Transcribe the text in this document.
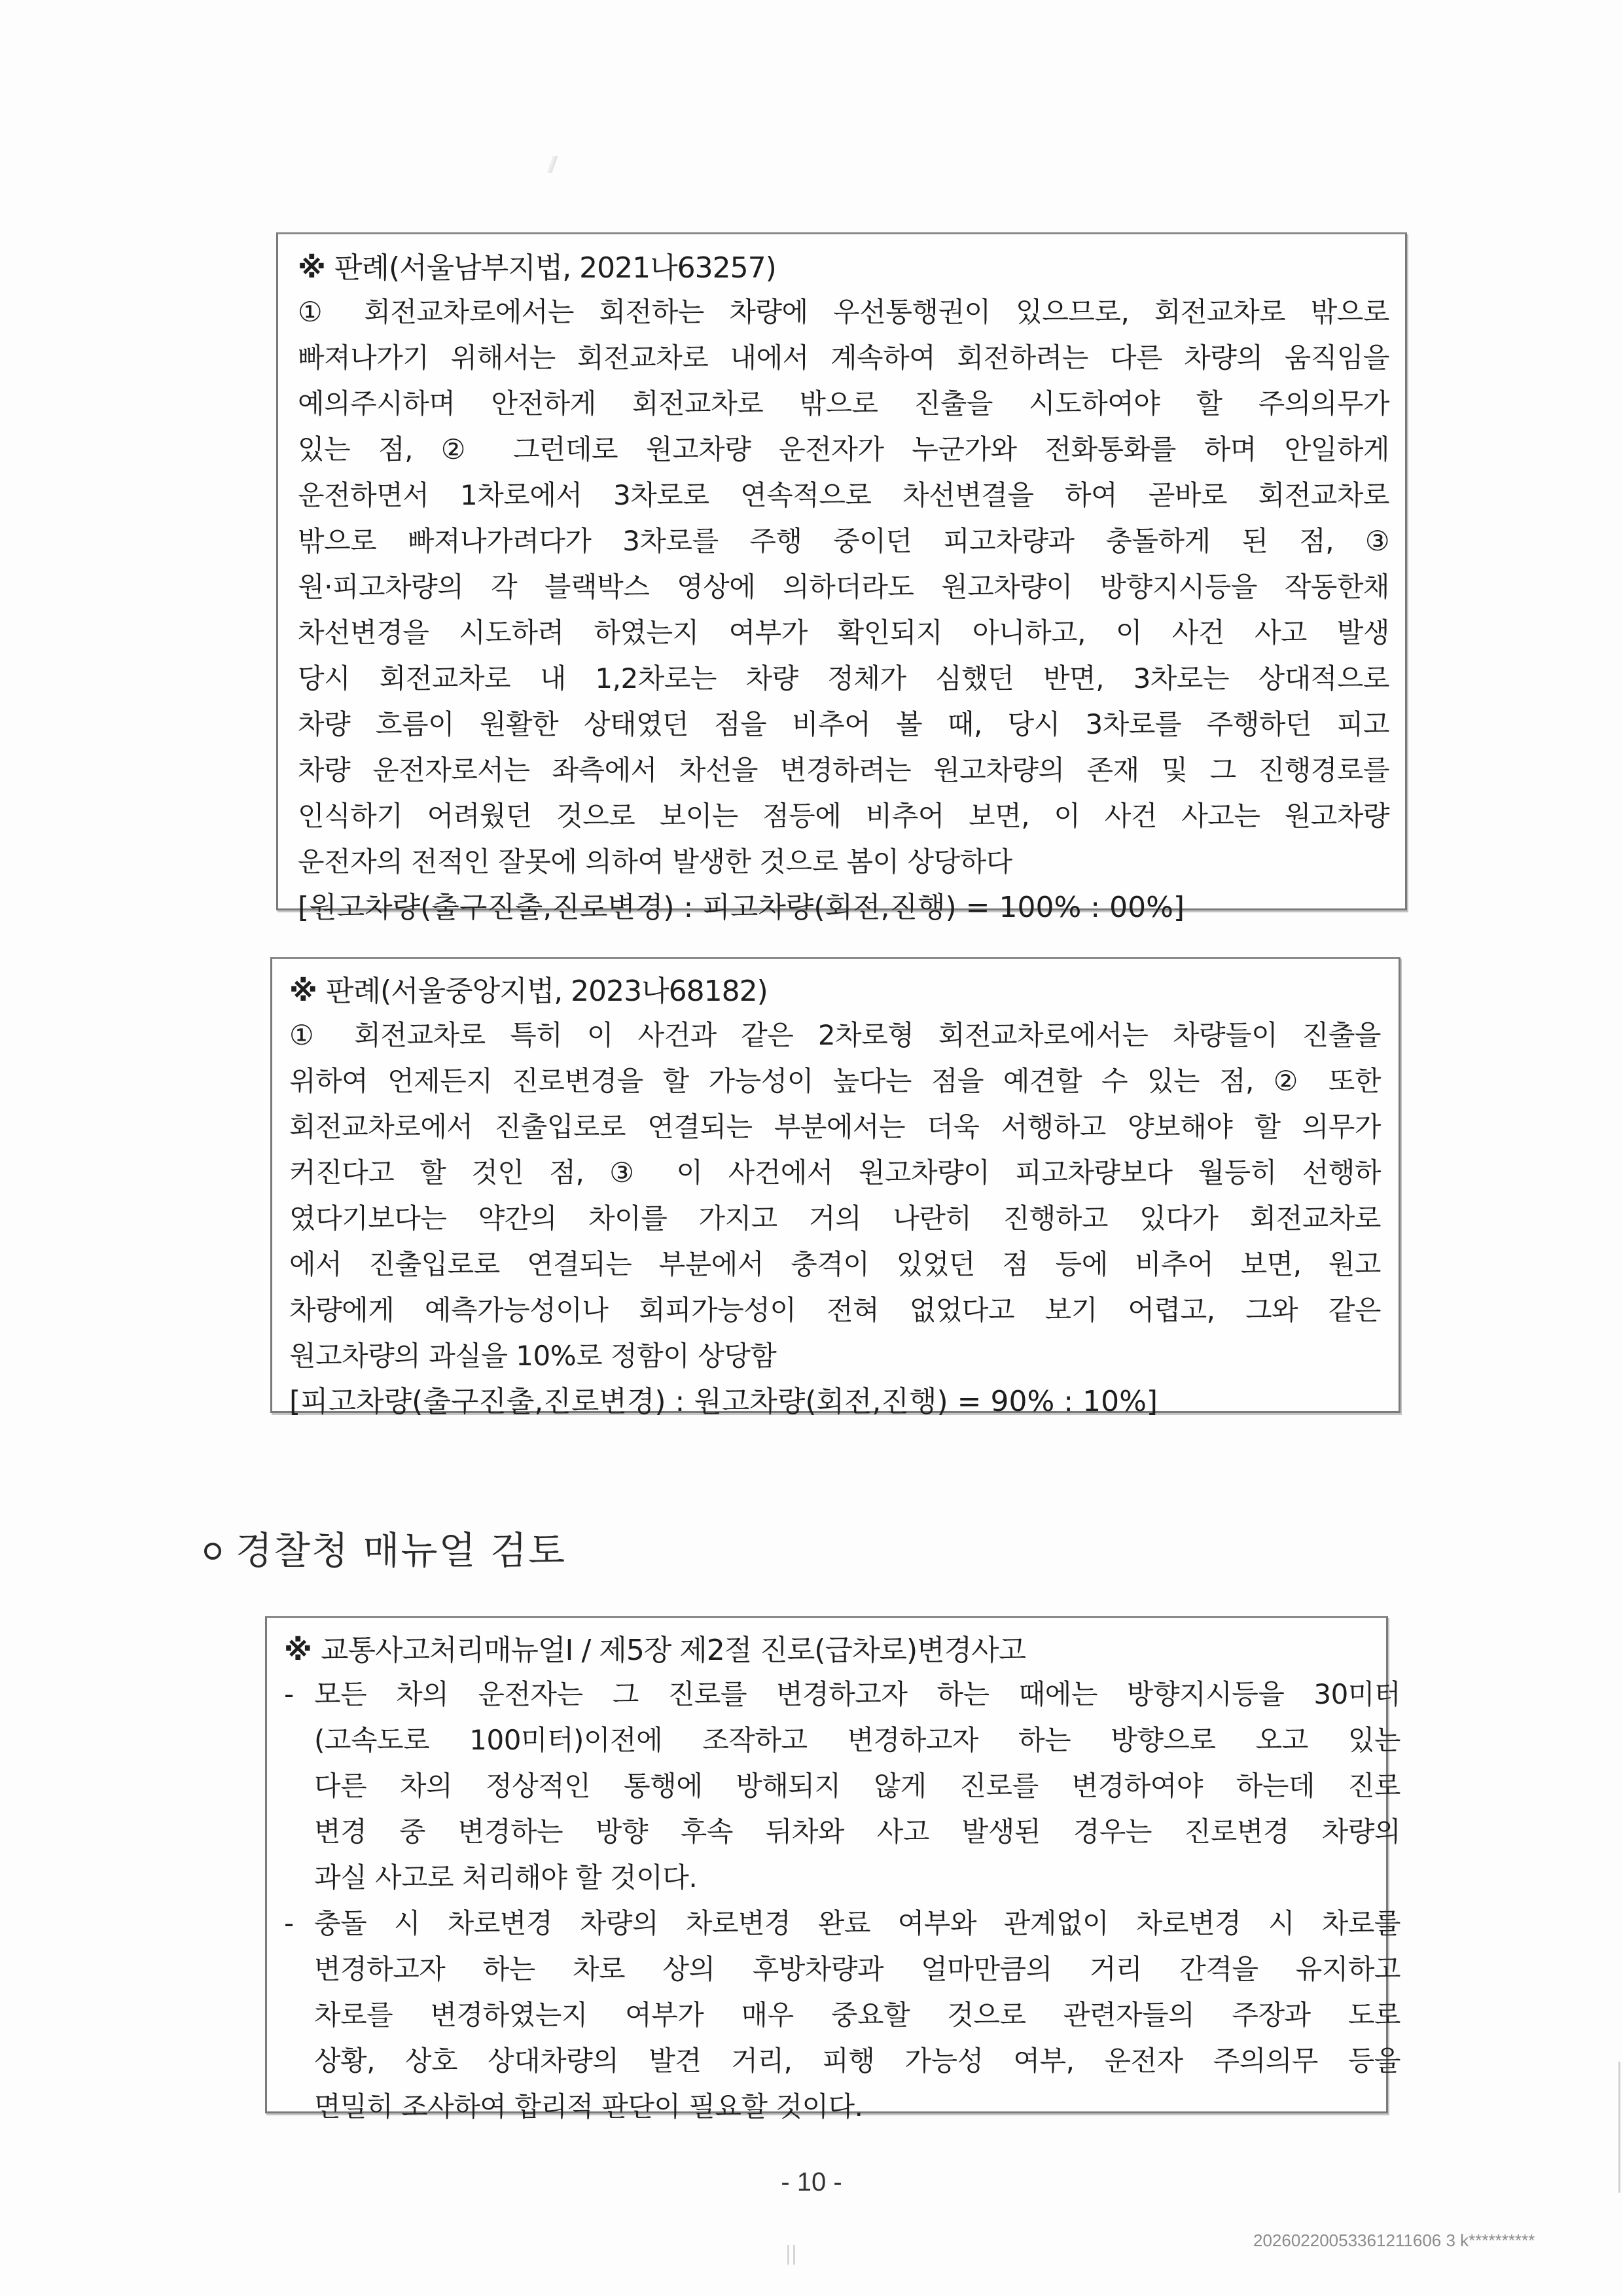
※ 판례(서울남부지법, 2021나63257)
① 회전교차로에서는 회전하는 차량에 우선통행권이 있으므로, 회전교차로 밖으로
빠져나가기 위해서는 회전교차로 내에서 계속하여 회전하려는 다른 차량의 움직임을
예의주시하며 안전하게 회전교차로 밖으로 진출을 시도하여야 할 주의의무가
있는 점, ② 그런데로 원고차량 운전자가 누군가와 전화통화를 하며 안일하게
운전하면서 1차로에서 3차로로 연속적으로 차선변결을 하여 곧바로 회전교차로
밖으로 빠져나가려다가 3차로를 주행 중이던 피고차량과 충돌하게 된 점, ③
원·피고차량의 각 블랙박스 영상에 의하더라도 원고차량이 방향지시등을 작동한채
차선변경을 시도하려 하였는지 여부가 확인되지 아니하고, 이 사건 사고 발생
당시 회전교차로 내 1,2차로는 차량 정체가 심했던 반면, 3차로는 상대적으로
차량 흐름이 원활한 상태였던 점을 비추어 볼 때, 당시 3차로를 주행하던 피고
차량 운전자로서는 좌측에서 차선을 변경하려는 원고차량의 존재 및 그 진행경로를
인식하기 어려웠던 것으로 보이는 점등에 비추어 보면, 이 사건 사고는 원고차량
운전자의 전적인 잘못에 의하여 발생한 것으로 봄이 상당하다
[원고차량(출구진출,진로변경) : 피고차량(회전,진행) = 100% : 00%]
※ 판례(서울중앙지법, 2023나68182)
① 회전교차로 특히 이 사건과 같은 2차로형 회전교차로에서는 차량들이 진출을
위하여 언제든지 진로변경을 할 가능성이 높다는 점을 예견할 수 있는 점, ② 또한
회전교차로에서 진출입로로 연결되는 부분에서는 더욱 서행하고 양보해야 할 의무가
커진다고 할 것인 점, ③ 이 사건에서 원고차량이 피고차량보다 월등히 선행하
였다기보다는 약간의 차이를 가지고 거의 나란히 진행하고 있다가 회전교차로
에서 진출입로로 연결되는 부분에서 충격이 있었던 점 등에 비추어 보면, 원고
차량에게 예측가능성이나 회피가능성이 전혀 없었다고 보기 어렵고, 그와 같은
원고차량의 과실을 10%로 정함이 상당함
[피고차량(출구진출,진로변경) : 원고차량(회전,진행) = 90% : 10%]
경찰청 매뉴얼 검토
※ 교통사고처리매뉴얼Ⅰ / 제5장 제2절 진로(급차로)변경사고
- 모든 차의 운전자는 그 진로를 변경하고자 하는 때에는 방향지시등을 30미터
(고속도로 100미터)이전에 조작하고 변경하고자 하는 방향으로 오고 있는
다른 차의 정상적인 통행에 방해되지 않게 진로를 변경하여야 하는데 진로
변경 중 변경하는 방향 후속 뒤차와 사고 발생된 경우는 진로변경 차량의
과실 사고로 처리해야 할 것이다.
- 충돌 시 차로변경 차량의 차로변경 완료 여부와 관계없이 차로변경 시 차로를
변경하고자 하는 차로 상의 후방차량과 얼마만큼의 거리 간격을 유지하고
차로를 변경하였는지 여부가 매우 중요할 것으로 관련자들의 주장과 도로
상황, 상호 상대차량의 발견 거리, 피행 가능성 여부, 운전자 주의의무 등을
면밀히 조사하여 합리적 판단이 필요할 것이다.
- 10 -
20260220053361211606 3 k**********
